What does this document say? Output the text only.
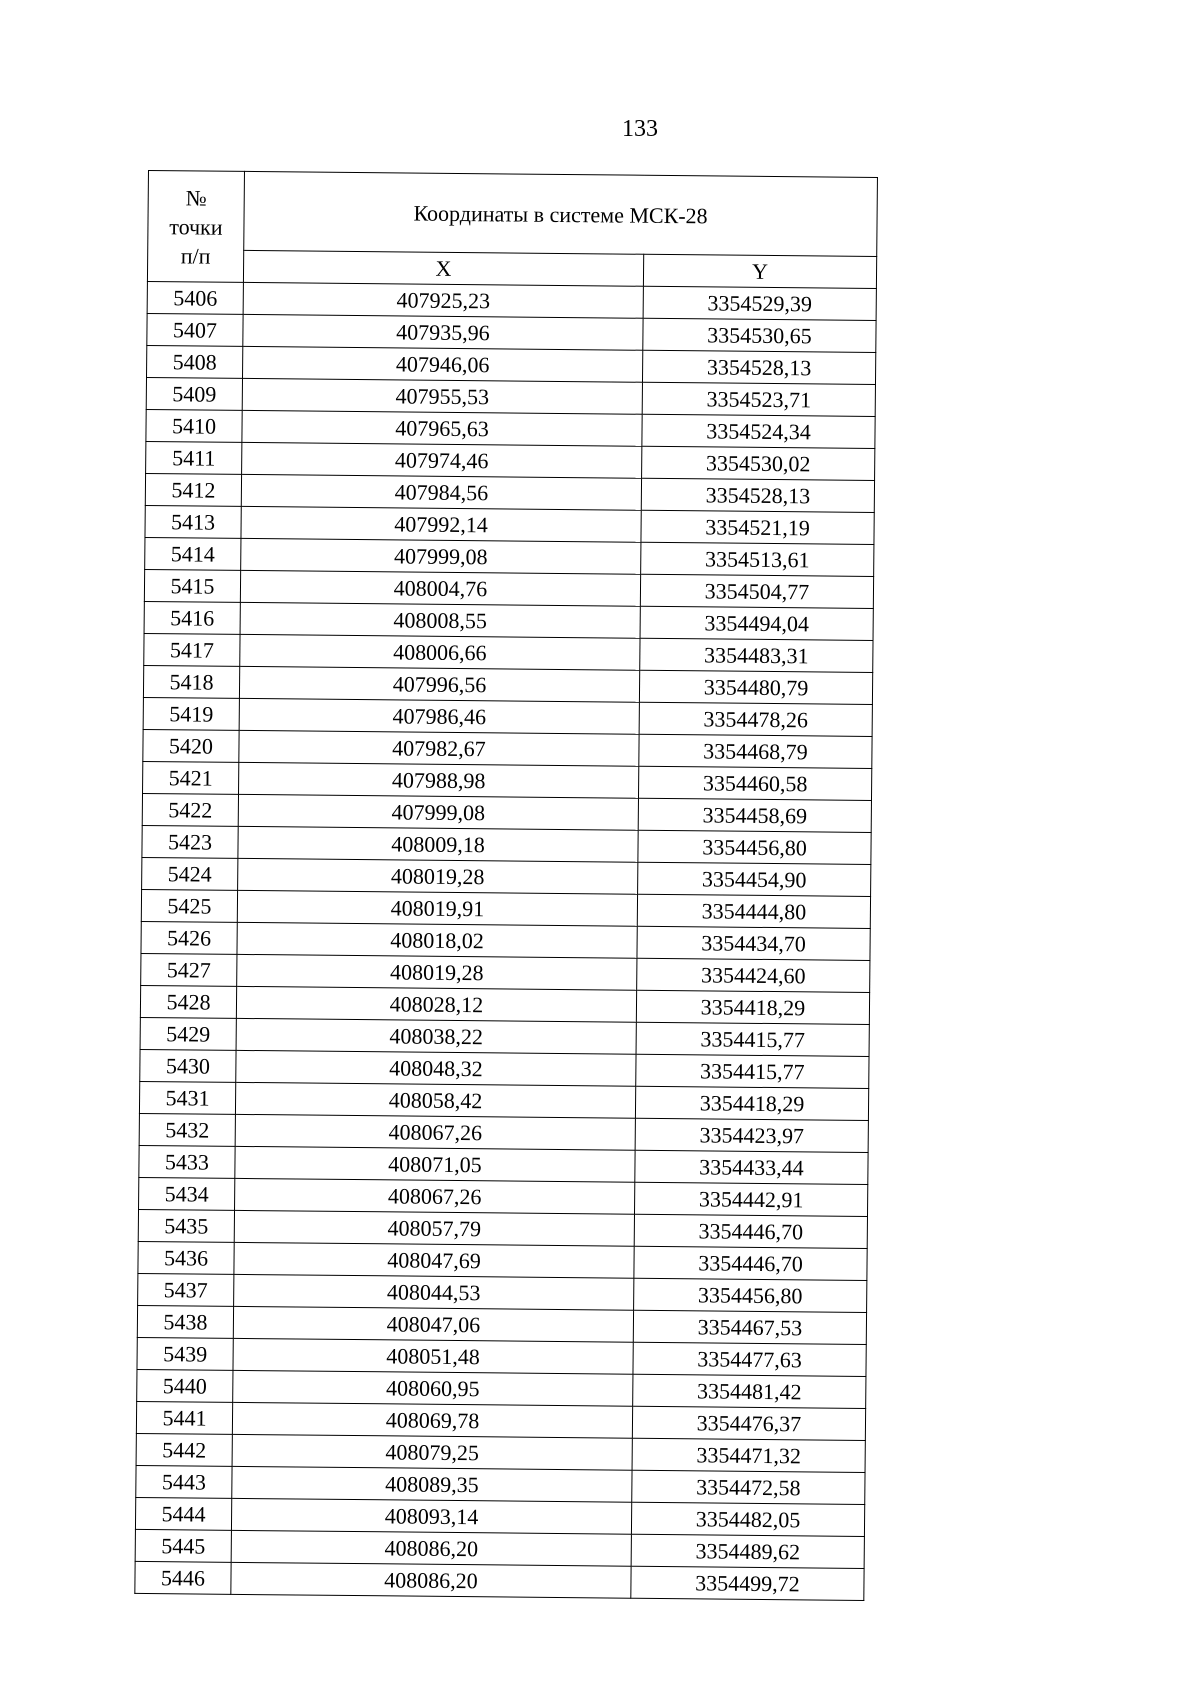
133
№
точки
п/п	Координаты в системе МСК-28	
	X	Y
5406	407925,23	3354529,39
5407	407935,96	3354530,65
5408	407946,06	3354528,13
5409	407955,53	3354523,71
5410	407965,63	3354524,34
5411	407974,46	3354530,02
5412	407984,56	3354528,13
5413	407992,14	3354521,19
5414	407999,08	3354513,61
5415	408004,76	3354504,77
5416	408008,55	3354494,04
5417	408006,66	3354483,31
5418	407996,56	3354480,79
5419	407986,46	3354478,26
5420	407982,67	3354468,79
5421	407988,98	3354460,58
5422	407999,08	3354458,69
5423	408009,18	3354456,80
5424	408019,28	3354454,90
5425	408019,91	3354444,80
5426	408018,02	3354434,70
5427	408019,28	3354424,60
5428	408028,12	3354418,29
5429	408038,22	3354415,77
5430	408048,32	3354415,77
5431	408058,42	3354418,29
5432	408067,26	3354423,97
5433	408071,05	3354433,44
5434	408067,26	3354442,91
5435	408057,79	3354446,70
5436	408047,69	3354446,70
5437	408044,53	3354456,80
5438	408047,06	3354467,53
5439	408051,48	3354477,63
5440	408060,95	3354481,42
5441	408069,78	3354476,37
5442	408079,25	3354471,32
5443	408089,35	3354472,58
5444	408093,14	3354482,05
5445	408086,20	3354489,62
5446	408086,20	3354499,72
